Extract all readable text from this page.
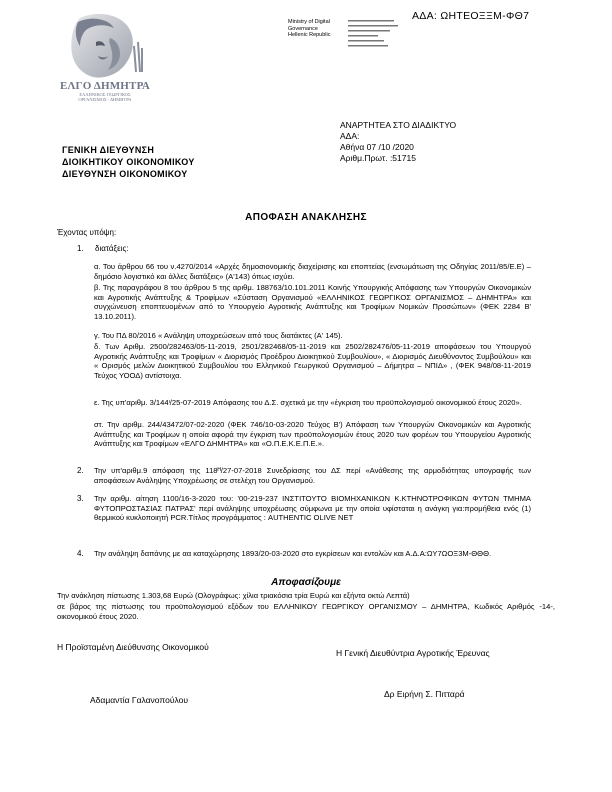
ΑΔΑ: ΩΗΤΕΟΞΞΜ-ΦΘ7
ΕΛΓΟ ΔΗΜΗΤΡΑ
ΕΛΛΗΝΙΚΟΣ ΓΕΩΡΓΙΚΟΣ
ΟΡΓΑΝΙΣΜΟΣ - ΔΗΜΗΤΡΑ
Ministry of Digital
Governance
Hellenic Republic
ΓΕΝΙΚΗ ΔΙΕΥΘΥΝΣΗ
ΔΙΟΙΚΗΤΙΚΟΥ ΟΙΚΟΝΟΜΙΚΟΥ
ΔΙΕΥΘΥΝΣΗ ΟΙΚΟΝΟΜΙΚΟΥ
ΑΝΑΡΤΗΤΕΑ ΣΤΟ ΔΙΑΔΙΚΤΥΟ
ΑΔΑ:
Αθήνα 07 /10 /2020
Αριθμ.Πρωτ. :51715
ΑΠΟΦΑΣΗ ΑΝΑΚΛΗΣΗΣ
Έχοντας υπόψη:
1. διατάξεις:
α. Του άρθρου 66 του ν.4270/2014 «Αρχές δημοσιονομικής διαχείρισης και εποπτείας (ενσωμάτωση της Οδηγίας 2011/85/Ε.Ε) –δημόσιο λογιστικό και άλλες διατάξεις» (Α'143) όπως ισχύει.
β. Της παραγράφου 8 του άρθρου 5 της αριθμ. 188763/10.101.2011 Κοινής Υπουργικής Απόφασης των Υπουργών Οικονομικών και Αγροτικής Ανάπτυξης & Τροφίμων «Σύσταση Οργανισμού «ΕΛΛΗΝΙΚΟΣ ΓΕΩΡΓΙΚΟΣ ΟΡΓΑΝΙΣΜΟΣ – ΔΗΜΗΤΡΑ» και συγχώνευση εποπτευομένων από το Υπουργείο Αγροτικής Ανάπτυξης και Τροφίμων Νομικών Προσώπων» (ΦΕΚ 2284 Β' 13.10.2011).
γ. Του ΠΔ 80/2016 « Ανάληψη υποχρεώσεων από τους διατάκτες (Α' 145).
δ. Των Αριθμ. 2500/282463/05-11-2019, 2501/282468/05-11-2019 και 2502/282476/05-11-2019 αποφάσεων του Υπουργού Αγροτικής Ανάπτυξης και Τροφίμων « Διορισμός Προέδρου Διοικητικού Συμβουλίου», « Διορισμός Διευθύνοντος Συμβούλου» και « Ορισμός μελών Διοικητικού Συμβουλίου του Ελληνικού Γεωργικού Οργανισμού – Δήμητρα – ΝΠΙΔ» , (ΦΕΚ 948/08-11-2019 Τεύχος ΥΟΟΔ) αντίστοιχα.
ε. Της υπ'αριθμ. 3/144ᶦ/25-07-2019 Απόφασης του Δ.Σ. σχετικά με την «έγκριση του προϋπολογισμού οικονομικού έτους 2020».
στ. Την αριθμ. 244/43472/07-02-2020 (ΦΕΚ 746/10-03-2020 Τεύχος Β') Απόφαση των Υπουργών Οικονομικών και Αγροτικής Ανάπτυξης και Τροφίμων η οποία αφορά την έγκριση των προϋπολογισμών έτους 2020 των φορέων του Υπουργείου Αγροτικής Ανάπτυξης και Τροφίμων «ΕΛΓΟ ΔΗΜΗΤΡΑ» και «Ο.Π.Ε.Κ.Ε.Π.Ε.».
2. Την υπ'αριθμ.9 απόφαση της 118ᴴ/27-07-2018 Συνεδρίασης του ΔΣ περί «Ανάθεσης της αρμοδιότητας υπογραφής των αποφάσεων Ανάληψης Υποχρέωσης σε στελέχη του Οργανισμού.
3. Την αριθμ. αίτηση 1100/16-3-2020 του: '00-219-237 ΙΝΣΤΙΤΟΥΤΟ ΒΙΟΜΗΧΑΝΙΚΩΝ Κ.ΚΤΗΝΟΤΡΟΦΙΚΩΝ ΦΥΤΩΝ ΤΜΗΜΑ ΦΥΤΟΠΡΟΣΤΑΣΙΑΣ ΠΑΤΡΑΣ' περί ανάληψης υποχρέωσης σύμφωνα με την οποία υφίσταται η ανάγκη για:προμήθεια ενός (1) θερμικού κυκλοποιητή PCR.Τίτλος προγράμματος : AUTHENTIC OLIVE NET
4. Την ανάληψη δαπάνης με αα καταχώρησης 1893/20-03-2020 στο εγκρίσεων και εντολών και Α.Δ.Α:ΩΥ7ΩΟΞ3Μ-ΘΘΘ.
Αποφασίζουμε
Την ανάκληση πίστωσης 1.303,68 Ευρώ (Ολογράφως: χίλια τριακόσια τρία Ευρώ και εξήντα οκτώ Λεπτά)
σε βάρος της πίστωσης του προϋπολογισμού εξόδων του ΕΛΛΗΝΙΚΟΥ ΓΕΩΡΓΙΚΟΥ ΟΡΓΑΝΙΣΜΟΥ – ΔΗΜΗΤΡΑ, Κωδικός Αριθμός -14-, οικονομικού έτους 2020.
Η Προϊσταμένη Διεύθυνσης Οικονομικού
Η Γενική Διευθύντρια Αγροτικής Έρευνας
Δρ Ειρήνη Σ. Πιτταρά
Αδαμαντία Γαλανοπούλου
